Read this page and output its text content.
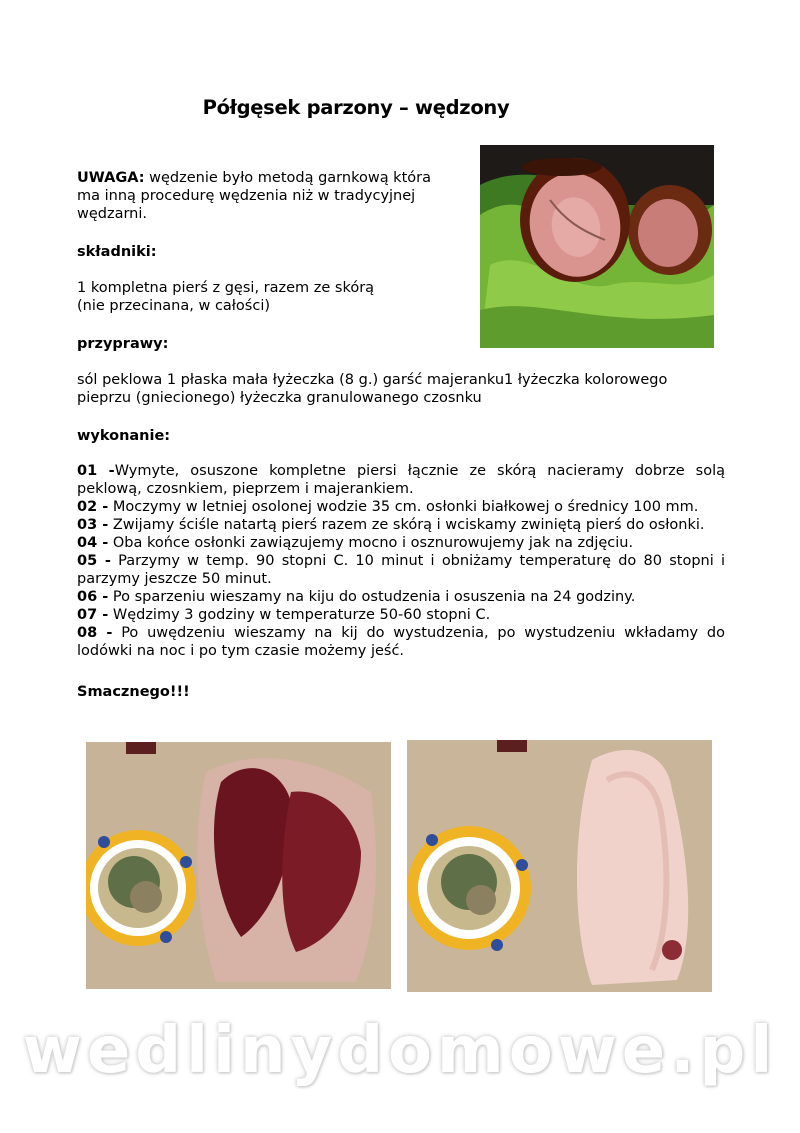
Półgęsek parzony – wędzony
UWAGA: wędzenie było metodą garnkową która ma inną procedurę wędzenia niż w tradycyjnej wędzarni.
składniki:
1 kompletna pierś z gęsi, razem ze skórą
(nie przecinana, w całości)
przyprawy:
sól peklowa 1 płaska mała łyżeczka (8 g.) garść majeranku1 łyżeczka kolorowego pieprzu (gniecionego) łyżeczka granulowanego czosnku
wykonanie:

01 -Wymyte, osuszone kompletne piersi łącznie ze skórą nacieramy dobrze solą peklową, czosnkiem, pieprzem i majerankiem.

02 - Moczymy w letniej osolonej wodzie 35 cm. osłonki białkowej o średnicy 100 mm.

03 - Zwijamy ściśle natartą pierś razem ze skórą i wciskamy zwiniętą pierś do osłonki.

04 - Oba końce osłonki zawiązujemy mocno i osznurowujemy jak na zdjęciu.

05 - Parzymy w temp. 90 stopni C. 10 minut i obniżamy temperaturę do 80 stopni i parzymy jeszcze 50 minut.

06 - Po sparzeniu wieszamy na kiju do ostudzenia i osuszenia na 24 godziny.

07 - Wędzimy 3 godziny w temperaturze 50-60 stopni C.

08 - Po uwędzeniu wieszamy na kij do wystudzenia, po wystudzeniu wkładamy do lodówki na noc i po tym czasie możemy jeść.

Smacznego!!!
wedlinydomowe.pl
